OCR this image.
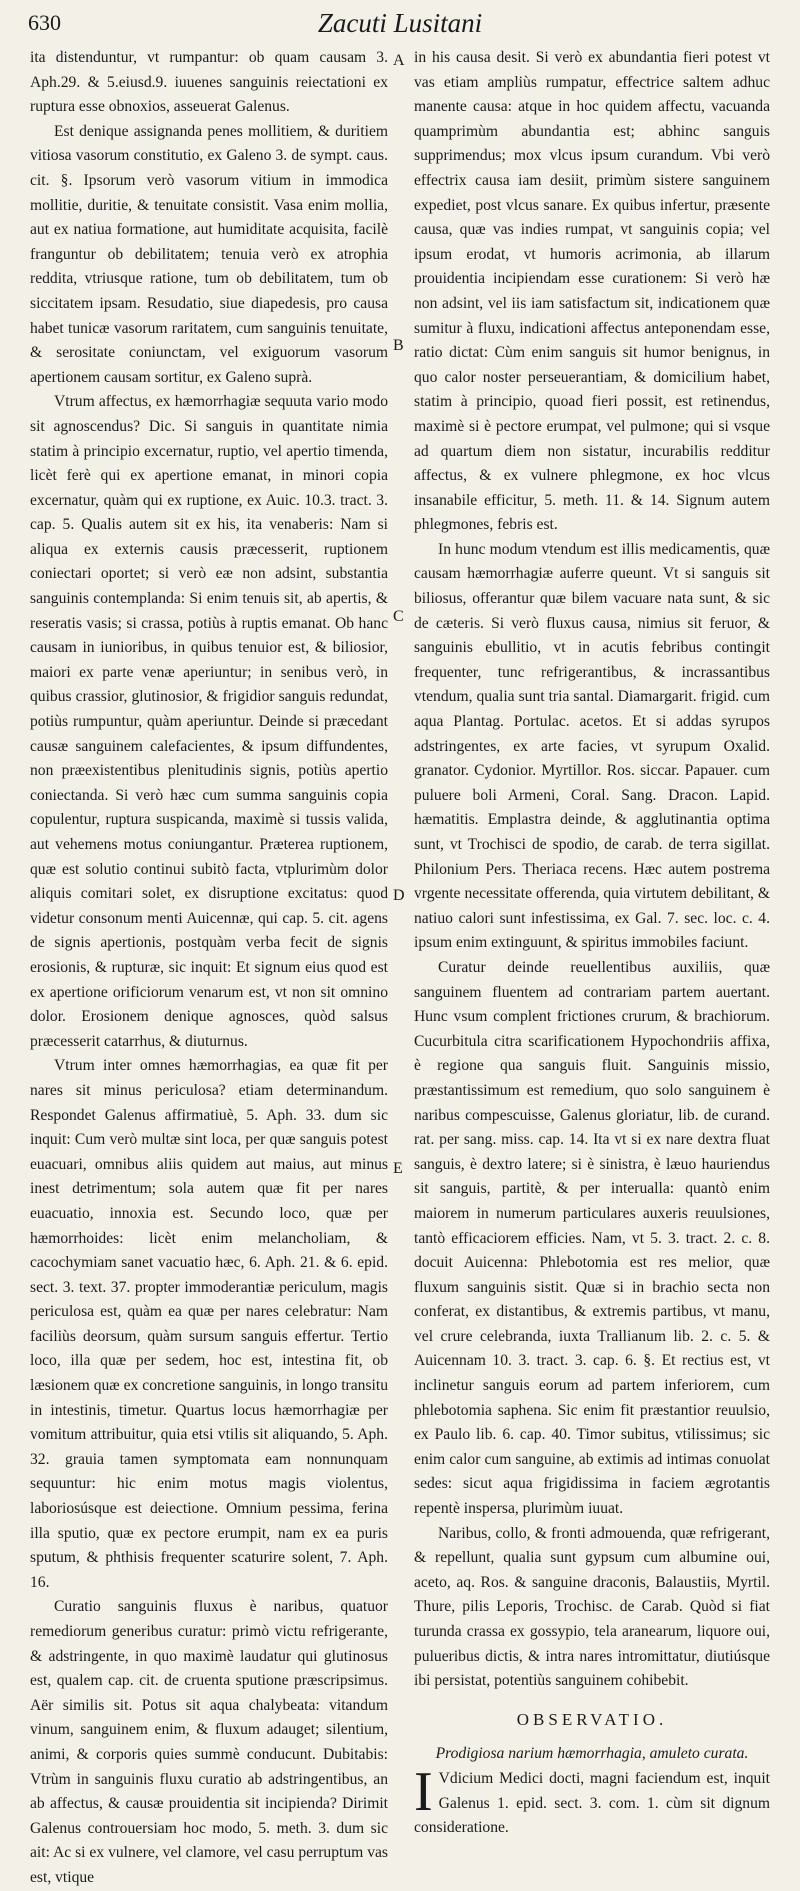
630	Zacuti Lusitani

ita distenduntur, vt rumpantur: ob quam causam 3. Aph.29. & 5.eiusd.9. iuuenes sanguinis reiectationi ex ruptura esse obnoxios, asseuerat Galenus.

Est denique assignanda penes mollitiem, & duritiem vitiosa vasorum constitutio, ex Galeno 3. de sympt. caus. cit. §. Ipsorum verò vasorum vitium in immodica mollitie, duritie, & tenuitate consistit. Vasa enim mollia, aut ex natiua formatione, aut humiditate acquisita, facilè franguntur ob debilitatem; tenuia verò ex atrophia reddita, vtriusque ratione, tum ob debilitatem, tum ob siccitatem ipsam. Resudatio, siue diapedesis, pro causa habet tunicæ vasorum raritatem, cum sanguinis tenuitate, & serositate coniunctam, vel exiguorum vasorum apertionem causam sortitur, ex Galeno suprà.

Vtrum affectus, ex hæmorrhagiæ sequuta vario modo sit agnoscendus? Dic. Si sanguis in quantitate nimia statim à principio excernatur, ruptio, vel apertio timenda, licèt ferè qui ex apertione emanat, in minori copia excernatur, quàm qui ex ruptione, ex Auic. 10.3. tract. 3. cap. 5. Qualis autem sit ex his, ita venaberis: Nam si aliqua ex externis causis præcesserit, ruptionem coniectari oportet; si verò eæ non adsint, substantia sanguinis contemplanda: Si enim tenuis sit, ab apertis, & reseratis vasis; si crassa, potiùs à ruptis emanat. Ob hanc causam in iunioribus, in quibus tenuior est, & biliosior, maiori ex parte venæ aperiuntur; in senibus verò, in quibus crassior, glutinosior, & frigidior sanguis redundat, potiùs rumpuntur, quàm aperiuntur. Deinde si præcedant causæ sanguinem calefacientes, & ipsum diffundentes, non præexistentibus plenitudinis signis, potiùs apertio coniectanda. Si verò hæc cum summa sanguinis copia copulentur, ruptura suspicanda, maximè si tussis valida, aut vehemens motus coniungantur. Præterea ruptionem, quæ est solutio continui subitò facta, vtplurimùm dolor aliquis comitari solet, ex disruptione excitatus: quod videtur consonum menti Auicennæ, qui cap. 5. cit. agens de signis apertionis, postquàm verba fecit de signis erosionis, & rupturæ, sic inquit: Et signum eius quod est ex apertione orificiorum venarum est, vt non sit omnino dolor. Erosionem denique agnosces, quòd salsus præcesserit catarrhus, & diuturnus.

Vtrum inter omnes hæmorrhagias, ea quæ fit per nares sit minus periculosa? etiam determinandum. Respondet Galenus affirmatiuè, 5. Aph. 33. dum sic inquit: Cum verò multæ sint loca, per quæ sanguis potest euacuari, omnibus aliis quidem aut maius, aut minus inest detrimentum; sola autem quæ fit per nares euacuatio, innoxia est. Secundo loco, quæ per hæmorrhoides: licèt enim melancholiam, & cacochymiam sanet vacuatio hæc, 6. Aph. 21. & 6. epid. sect. 3. text. 37. propter immoderantiæ periculum, magis periculosa est, quàm ea quæ per nares celebratur: Nam faciliùs deorsum, quàm sursum sanguis effertur. Tertio loco, illa quæ per sedem, hoc est, intestina fit, ob læsionem quæ ex concretione sanguinis, in longo transitu in intestinis, timetur. Quartus locus hæmorrhagiæ per vomitum attribuitur, quia etsi vtilis sit aliquando, 5. Aph. 32. grauia tamen symptomata eam nonnunquam sequuntur: hic enim motus magis violentus, laboriosúsque est deiectione. Omnium pessima, ferina illa sputio, quæ ex pectore erumpit, nam ex ea puris sputum, & phthisis frequenter scaturire solent, 7. Aph. 16.

Curatio sanguinis fluxus è naribus, quatuor remediorum generibus curatur: primò victu refrigerante, & adstringente, in quo maximè laudatur qui glutinosus est, qualem cap. cit. de cruenta sputione præscripsimus. Aër similis sit. Potus sit aqua chalybeata: vitandum vinum, sanguinem enim, & fluxum adauget; silentium, animi, & corporis quies summè conducunt. Dubitabis: Vtrùm in sanguinis fluxu curatio ab adstringentibus, an ab affectus, & causæ prouidentia sit incipienda? Dirimit Galenus controuersiam hoc modo, 5. meth. 3. dum sic ait: Ac si ex vulnere, vel clamore, vel casu perruptum vas est, vtique

A
B
C
D
E

in his causa desit. Si verò ex abundantia fieri potest vt vas etiam ampliùs rumpatur, effectrice saltem adhuc manente causa: atque in hoc quidem affectu, vacuanda quamprimùm abundantia est; abhinc sanguis supprimendus; mox vlcus ipsum curandum. Vbi verò effectrix causa iam desiit, primùm sistere sanguinem expediet, post vlcus sanare. Ex quibus infertur, præsente causa, quæ vas indies rumpat, vt sanguinis copia; vel ipsum erodat, vt humoris acrimonia, ab illarum prouidentia incipiendam esse curationem: Si verò hæ non adsint, vel iis iam satisfactum sit, indicationem quæ sumitur à fluxu, indicationi affectus anteponendam esse, ratio dictat: Cùm enim sanguis sit humor benignus, in quo calor noster perseuerantiam, & domicilium habet, statim à principio, quoad fieri possit, est retinendus, maximè si è pectore erumpat, vel pulmone; qui si vsque ad quartum diem non sistatur, incurabilis redditur affectus, & ex vulnere phlegmone, ex hoc vlcus insanabile efficitur, 5. meth. 11. & 14. Signum autem phlegmones, febris est.

In hunc modum vtendum est illis medicamentis, quæ causam hæmorrhagiæ auferre queunt. Vt si sanguis sit biliosus, offerantur quæ bilem vacuare nata sunt, & sic de cæteris. Si verò fluxus causa, nimius sit feruor, & sanguinis ebullitio, vt in acutis febribus contingit frequenter, tunc refrigerantibus, & incrassantibus vtendum, qualia sunt tria santal. Diamargarit. frigid. cum aqua Plantag. Portulac. acetos. Et si addas syrupos adstringentes, ex arte facies, vt syrupum Oxalid. granator. Cydonior. Myrtillor. Ros. siccar. Papauer. cum puluere boli Armeni, Coral. Sang. Dracon. Lapid. hæmatitis. Emplastra deinde, & agglutinantia optima sunt, vt Trochisci de spodio, de carab. de terra sigillat. Philonium Pers. Theriaca recens. Hæc autem postrema vrgente necessitate offerenda, quia virtutem debilitant, & natiuo calori sunt infestissima, ex Gal. 7. sec. loc. c. 4. ipsum enim extinguunt, & spiritus immobiles faciunt.

Curatur deinde reuellentibus auxiliis, quæ sanguinem fluentem ad contrariam partem auertant. Hunc vsum complent frictiones crurum, & brachiorum. Cucurbitula citra scarificationem Hypochondriis affixa, è regione qua sanguis fluit. Sanguinis missio, præstantissimum est remedium, quo solo sanguinem è naribus compescuisse, Galenus gloriatur, lib. de curand. rat. per sang. miss. cap. 14. Ita vt si ex nare dextra fluat sanguis, è dextro latere; si è sinistra, è læuo hauriendus sit sanguis, partitè, & per interualla: quantò enim maiorem in numerum particulares auxeris reuulsiones, tantò efficaciorem efficies. Nam, vt 5. 3. tract. 2. c. 8. docuit Auicenna: Phlebotomia est res melior, quæ fluxum sanguinis sistit. Quæ si in brachio secta non conferat, ex distantibus, & extremis partibus, vt manu, vel crure celebranda, iuxta Trallianum lib. 2. c. 5. & Auicennam 10. 3. tract. 3. cap. 6. §. Et rectius est, vt inclinetur sanguis eorum ad partem inferiorem, cum phlebotomia saphena. Sic enim fit præstantior reuulsio, ex Paulo lib. 6. cap. 40. Timor subitus, vtilissimus; sic enim calor cum sanguine, ab extimis ad intimas conuolat sedes: sicut aqua frigidissima in faciem ægrotantis repentè inspersa, plurimùm iuuat.

Naribus, collo, & fronti admouenda, quæ refrigerant, & repellunt, qualia sunt gypsum cum albumine oui, aceto, aq. Ros. & sanguine draconis, Balaustiis, Myrtil. Thure, pilis Leporis, Trochisc. de Carab. Quòd si fiat turunda crassa ex gossypio, tela aranearum, liquore oui, pulueribus dictis, & intra nares intromittatur, diutiúsque ibi persistat, potentiùs sanguinem cohibebit.

OBSERVATIO.

Prodigiosa narium hæmorrhagia, amuleto curata.

I Vdicium Medici docti, magni faciendum est, inquit Galenus 1. epid. sect. 3. com. 1. cùm sit dignum consideratione.
